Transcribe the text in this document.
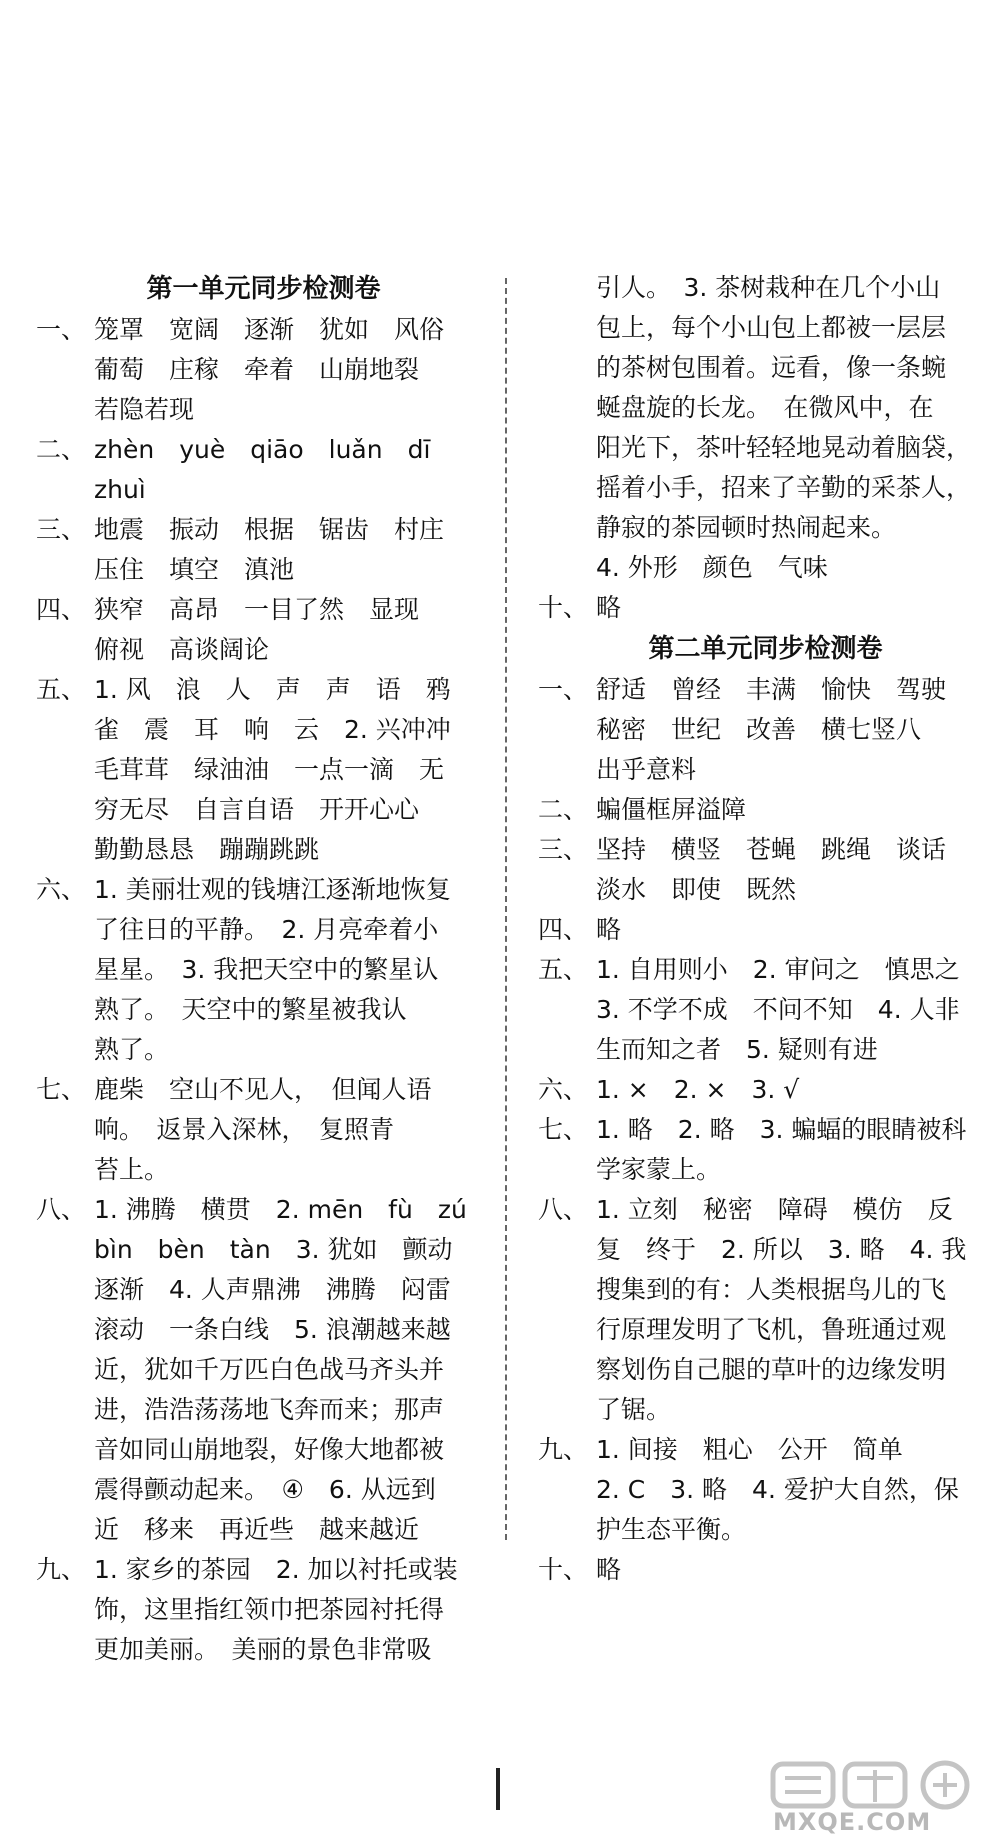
第一单元同步检测卷
一、 笼罩　宽阔　逐渐　犹如　风俗
葡萄　庄稼　牵着　山崩地裂
若隐若现
二、 zhèn　yuè　qiāo　luǎn　dī
zhuì
三、 地震　振动　根据　锯齿　村庄
压住　填空　滇池
四、 狭窄　高昂　一目了然　显现
俯视　高谈阔论
五、 1. 风　浪　人　声　声　语　鸦
雀　震　耳　响　云　2. 兴冲冲
毛茸茸　绿油油　一点一滴　无
穷无尽　自言自语　开开心心
勤勤恳恳　蹦蹦跳跳
六、 1. 美丽壮观的钱塘江逐渐地恢复
了往日的平静。　2. 月亮牵着小
星星。　3. 我把天空中的繁星认
熟了。　天空中的繁星被我认
熟了。
七、 鹿柴　空山不见人，　但闻人语
响。　返景入深林，　复照青
苔上。
八、 1. 沸腾　横贯　2. mēn　fù　zú
bìn　bèn　tàn　3. 犹如　颤动
逐渐　4. 人声鼎沸　沸腾　闷雷
滚动　一条白线　5. 浪潮越来越
近，犹如千万匹白色战马齐头并
进，浩浩荡荡地飞奔而来；那声
音如同山崩地裂，好像大地都被
震得颤动起来。　④　6. 从远到
近　移来　再近些　越来越近
九、 1. 家乡的茶园　2. 加以衬托或装
饰，这里指红领巾把茶园衬托得
更加美丽。　美丽的景色非常吸
引人。　3. 茶树栽种在几个小山
包上，每个小山包上都被一层层
的茶树包围着。远看，像一条蜿
蜒盘旋的长龙。　在微风中，在
阳光下，茶叶轻轻地晃动着脑袋，
摇着小手，招来了辛勤的采茶人，
静寂的茶园顿时热闹起来。
4. 外形　颜色　气味
十、 略
第二单元同步检测卷
一、 舒适　曾经　丰满　愉快　驾驶
秘密　世纪　改善　横七竖八
出乎意料
二、 蝙僵框屏溢障
三、 坚持　横竖　苍蝇　跳绳　谈话
淡水　即使　既然
四、 略
五、 1. 自用则小　2. 审问之　慎思之
3. 不学不成　不问不知　4. 人非
生而知之者　5. 疑则有进
六、 1. ×　2. ×　3. √
七、 1. 略　2. 略　3. 蝙蝠的眼睛被科
学家蒙上。
八、 1. 立刻　秘密　障碍　模仿　反
复　终于　2. 所以　3. 略　4. 我
搜集到的有：人类根据鸟儿的飞
行原理发明了飞机，鲁班通过观
察划伤自己腿的草叶的边缘发明
了锯。
九、 1. 间接　粗心　公开　简单
2. C　3. 略　4. 爱护大自然，保
护生态平衡。
十、 略
MXQE.COM
